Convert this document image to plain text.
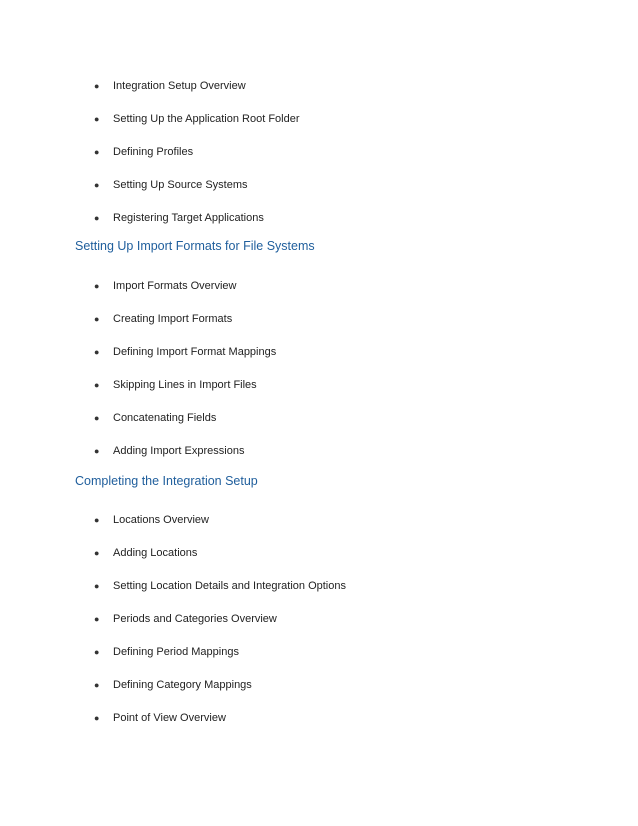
● Integration Setup Overview
● Setting Up the Application Root Folder
● Defining Profiles
● Setting Up Source Systems
● Registering Target Applications
Setting Up Import Formats for File Systems
● Import Formats Overview
● Creating Import Formats
● Defining Import Format Mappings
● Skipping Lines in Import Files
● Concatenating Fields
● Adding Import Expressions
Completing the Integration Setup
● Locations Overview
● Adding Locations
● Setting Location Details and Integration Options
● Periods and Categories Overview
● Defining Period Mappings
● Defining Category Mappings
● Point of View Overview
